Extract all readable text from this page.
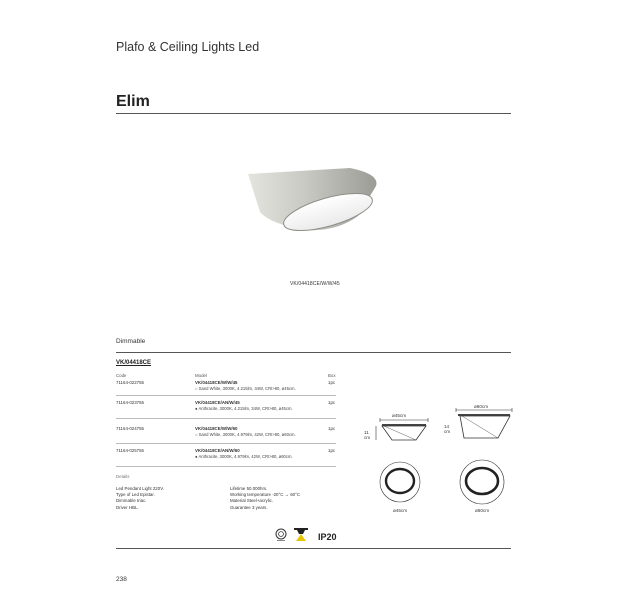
Plafo & Ceiling Lights Led
Elim
VK/04418CE/W/W/45
Dimmable
VK/04418CE
Code	Model	Box
71164-022755	VK/04418CE/W/W/45	1pc
○ Sand White, 3000K, 4.215lm, 34W, CRI>80, ø45cm.
71164-023755	VK/04418CE/AN/W/45	1pc
● Anthracite, 3000K, 4.215lm, 34W, CRI>80, ø45cm.
71164-024755	VK/04418CE/W/W/60	1pc
○ Sand White, 3000K, 4.979lm, 42W, CRI>80, ø60cm.
71164-025755	VK/04418CE/AN/W/60	1pc
● Anthracite, 3000K, 4.979lm, 42W, CRI>80, ø60cm.
Details
Led Pendant Light 220V.
Type of Led Epistar.
Dimmable triac.
Driver HBL.
Lifetime 50.000hrs.
Working temperature -20°C → 60°C
Material Steel+acrylic.
Guarantee 3 years.
ø45cm
11 cm
ø45cm
ø60cm
14 cm
ø60cm
IP20
238
